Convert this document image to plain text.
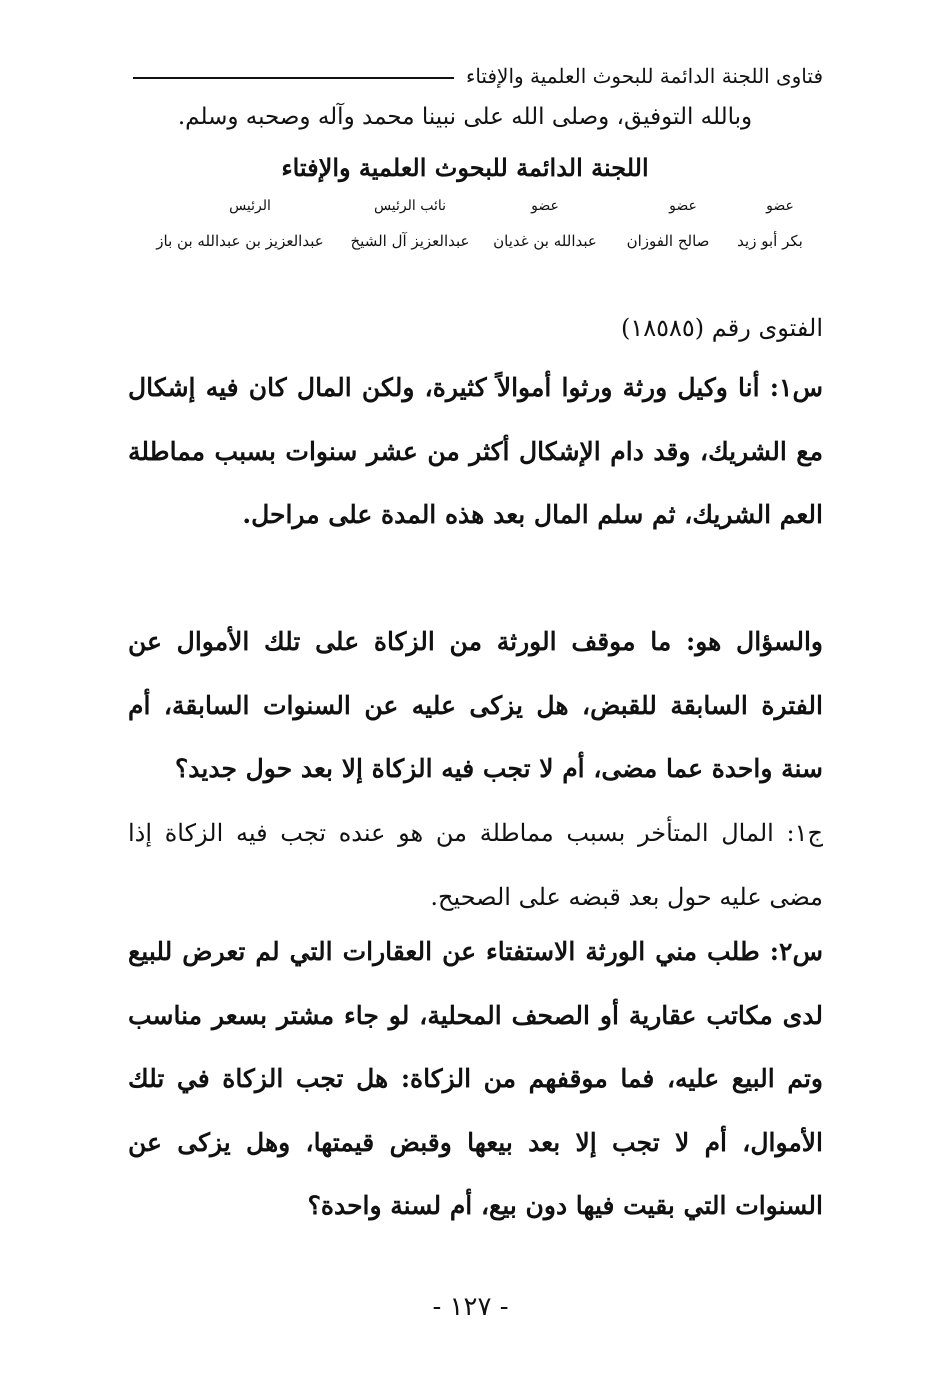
فتاوى اللجنة الدائمة للبحوث العلمية والإفتاء
وبالله التوفيق، وصلى الله على نبينا محمد وآله وصحبه وسلم.
اللجنة الدائمة للبحوث العلمية والإفتاء
عضو
عضو
عضو
نائب الرئيس
الرئيس
بكر أبو زيد
صالح الفوزان
عبدالله بن غديان
عبدالعزيز آل الشيخ
عبدالعزيز بن عبدالله بن باز
الفتوى رقم (١٨٥٨٥)
س١: أنا وكيل ورثة ورثوا أموالاً كثيرة، ولكن المال كان فيه إشكال مع الشريك، وقد دام الإشكال أكثر من عشر سنوات بسبب مماطلة العم الشريك، ثم سلم المال بعد هذه المدة على مراحل.
والسؤال هو: ما موقف الورثة من الزكاة على تلك الأموال عن الفترة السابقة للقبض، هل يزكى عليه عن السنوات السابقة، أم سنة واحدة عما مضى، أم لا تجب فيه الزكاة إلا بعد حول جديد؟
ج١: المال المتأخر بسبب مماطلة من هو عنده تجب فيه الزكاة إذا مضى عليه حول بعد قبضه على الصحيح.
س٢: طلب مني الورثة الاستفتاء عن العقارات التي لم تعرض للبيع لدى مكاتب عقارية أو الصحف المحلية، لو جاء مشتر بسعر مناسب وتم البيع عليه، فما موقفهم من الزكاة: هل تجب الزكاة في تلك الأموال، أم لا تجب إلا بعد بيعها وقبض قيمتها، وهل يزكى عن السنوات التي بقيت فيها دون بيع، أم لسنة واحدة؟
- ١٢٧ -
